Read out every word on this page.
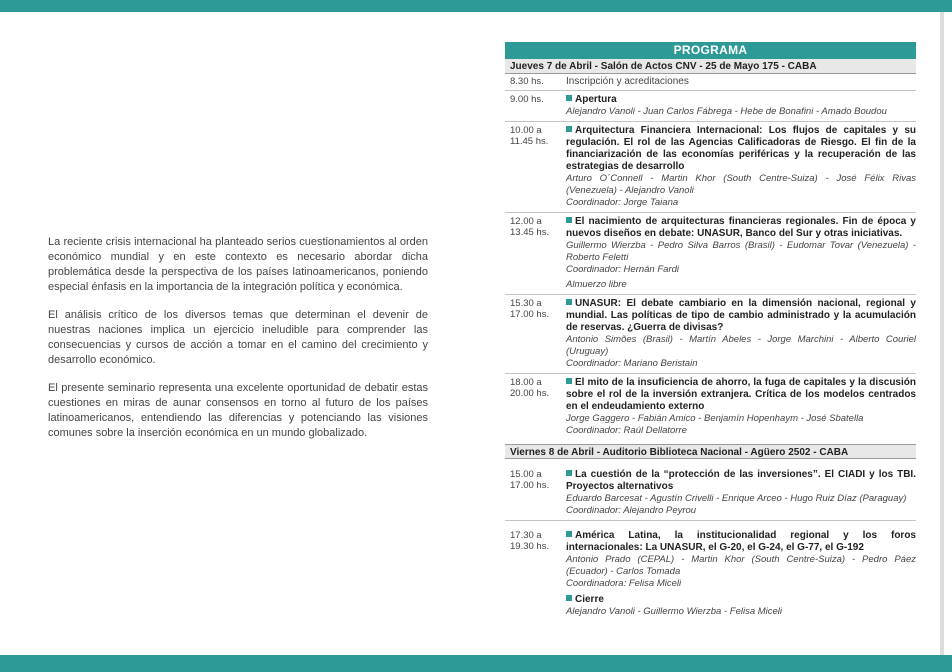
La reciente crisis internacional ha planteado serios cuestionamientos al orden económico mundial y en este contexto es necesario abordar dicha problemática desde la perspectiva de los países latinoamericanos, poniendo especial énfasis en la importancia de la integración política y económica.

El análisis crítico de los diversos temas que determinan el devenir de nuestras naciones implica un ejercicio ineludible para comprender las consecuencias y cursos de acción a tomar en el camino del crecimiento y desarrollo económico.

El presente seminario representa una excelente oportunidad de debatir estas cuestiones en miras de aunar consensos en torno al futuro de los países latinoamericanos, entendiendo las diferencias y potenciando las visiones comunes sobre la inserción económica en un mundo globalizado.

PROGRAMA
Jueves 7 de Abril - Salón de Actos CNV - 25 de Mayo 175 - CABA
8.30 hs.	Inscripción y acreditaciones
9.00 hs.	Apertura
Alejandro Vanoli - Juan Carlos Fábrega - Hebe de Bonafini - Amado Boudou
10.00 a
11.45 hs.
Arquitectura Financiera Internacional: Los flujos de capitales y su regulación. El rol de las Agencias Calificadoras de Riesgo. El fin de la financiarización de las economías periféricas y la recuperación de las estrategias de desarrollo
Arturo O´Connell - Martin Khor (South Centre-Suiza) - José Félix Rivas (Venezuela) - Alejandro Vanoli
Coordinador: Jorge Taiana
12.00 a
13.45 hs.
El nacimiento de arquitecturas financieras regionales. Fin de época y nuevos diseños en debate: UNASUR, Banco del Sur y otras iniciativas.
Guillermo Wierzba - Pedro Silva Barros (Brasil) - Eudomar Tovar (Venezuela) - Roberto Feletti
Coordinador: Hernán Fardi
Almuerzo libre
15.30 a
17.00 hs.
UNASUR: El debate cambiario en la dimensión nacional, regional y mundial. Las políticas de tipo de cambio administrado y la acumulación de reservas. ¿Guerra de divisas?
Antonio Simões (Brasil) - Martín Abeles - Jorge Marchini - Alberto Couriel (Uruguay)
Coordinador: Mariano Beristain
18.00 a
20.00 hs.
El mito de la insuficiencia de ahorro, la fuga de capitales y la discusión sobre el rol de la inversión extranjera. Crítica de los modelos centrados en el endeudamiento externo
Jorge Gaggero - Fabián Amico - Benjamín Hopenhaym - José Sbatella
Coordinador: Raúl Dellatorre
Viernes 8 de Abril - Auditorio Biblioteca Nacional - Agüero 2502 - CABA
15.00 a
17.00 hs.
La cuestión de la “protección de las inversiones”. El CIADI y los TBI. Proyectos alternativos
Eduardo Barcesat - Agustín Crivelli - Enrique Arceo - Hugo Ruiz Díaz (Paraguay)
Coordinador: Alejandro Peyrou
17.30 a
19.30 hs.
América Latina, la institucionalidad regional y los foros internacionales: La UNASUR, el G-20, el G-24, el G-77, el G-192
Antonio Prado (CEPAL) - Martin Khor (South Centre-Suiza) - Pedro Páez (Ecuador) - Carlos Tomada
Coordinadora: Felisa Miceli
Cierre
Alejandro Vanoli - Guillermo Wierzba - Felisa Miceli
